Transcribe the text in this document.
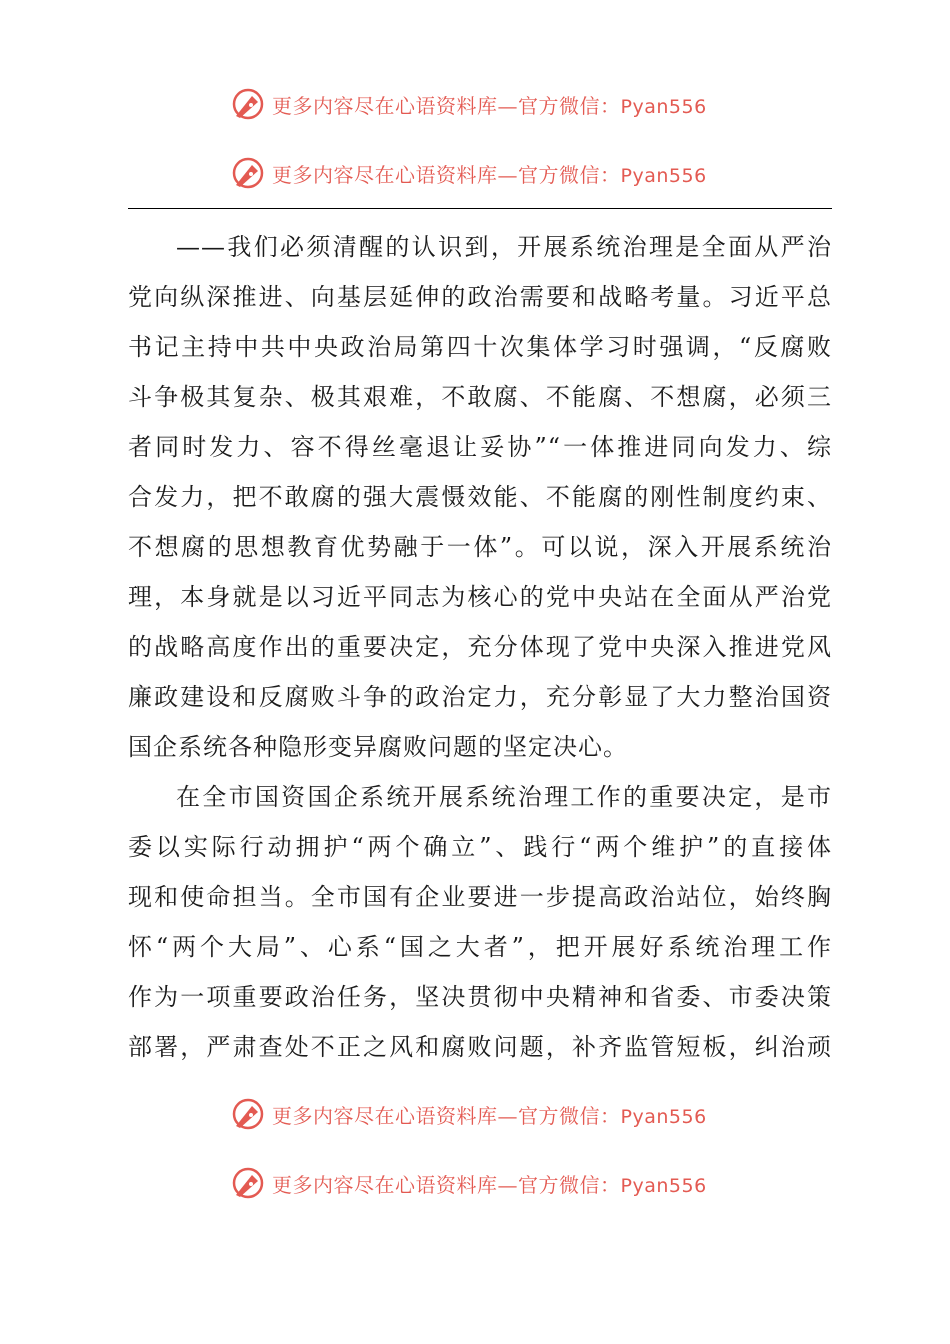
更多内容尽在心语资料库—官方微信：Pyan556
更多内容尽在心语资料库—官方微信：Pyan556
——我们必须清醒的认识到，开展系统治理是全面从严治
党向纵深推进、向基层延伸的政治需要和战略考量。习近平总
书记主持中共中央政治局第四十次集体学习时强调，“反腐败
斗争极其复杂、极其艰难，不敢腐、不能腐、不想腐，必须三
者同时发力、容不得丝毫退让妥协”“一体推进同向发力、综
合发力，把不敢腐的强大震慑效能、不能腐的刚性制度约束、
不想腐的思想教育优势融于一体”。可以说，深入开展系统治
理，本身就是以习近平同志为核心的党中央站在全面从严治党
的战略高度作出的重要决定，充分体现了党中央深入推进党风
廉政建设和反腐败斗争的政治定力，充分彰显了大力整治国资
国企系统各种隐形变异腐败问题的坚定决心。
在全市国资国企系统开展系统治理工作的重要决定，是市
委以实际行动拥护“两个确立”、践行“两个维护”的直接体
现和使命担当。全市国有企业要进一步提高政治站位，始终胸
怀“两个大局”、心系“国之大者”，把开展好系统治理工作
作为一项重要政治任务，坚决贯彻中央精神和省委、市委决策
部署，严肃查处不正之风和腐败问题，补齐监管短板，纠治顽
更多内容尽在心语资料库—官方微信：Pyan556
更多内容尽在心语资料库—官方微信：Pyan556
